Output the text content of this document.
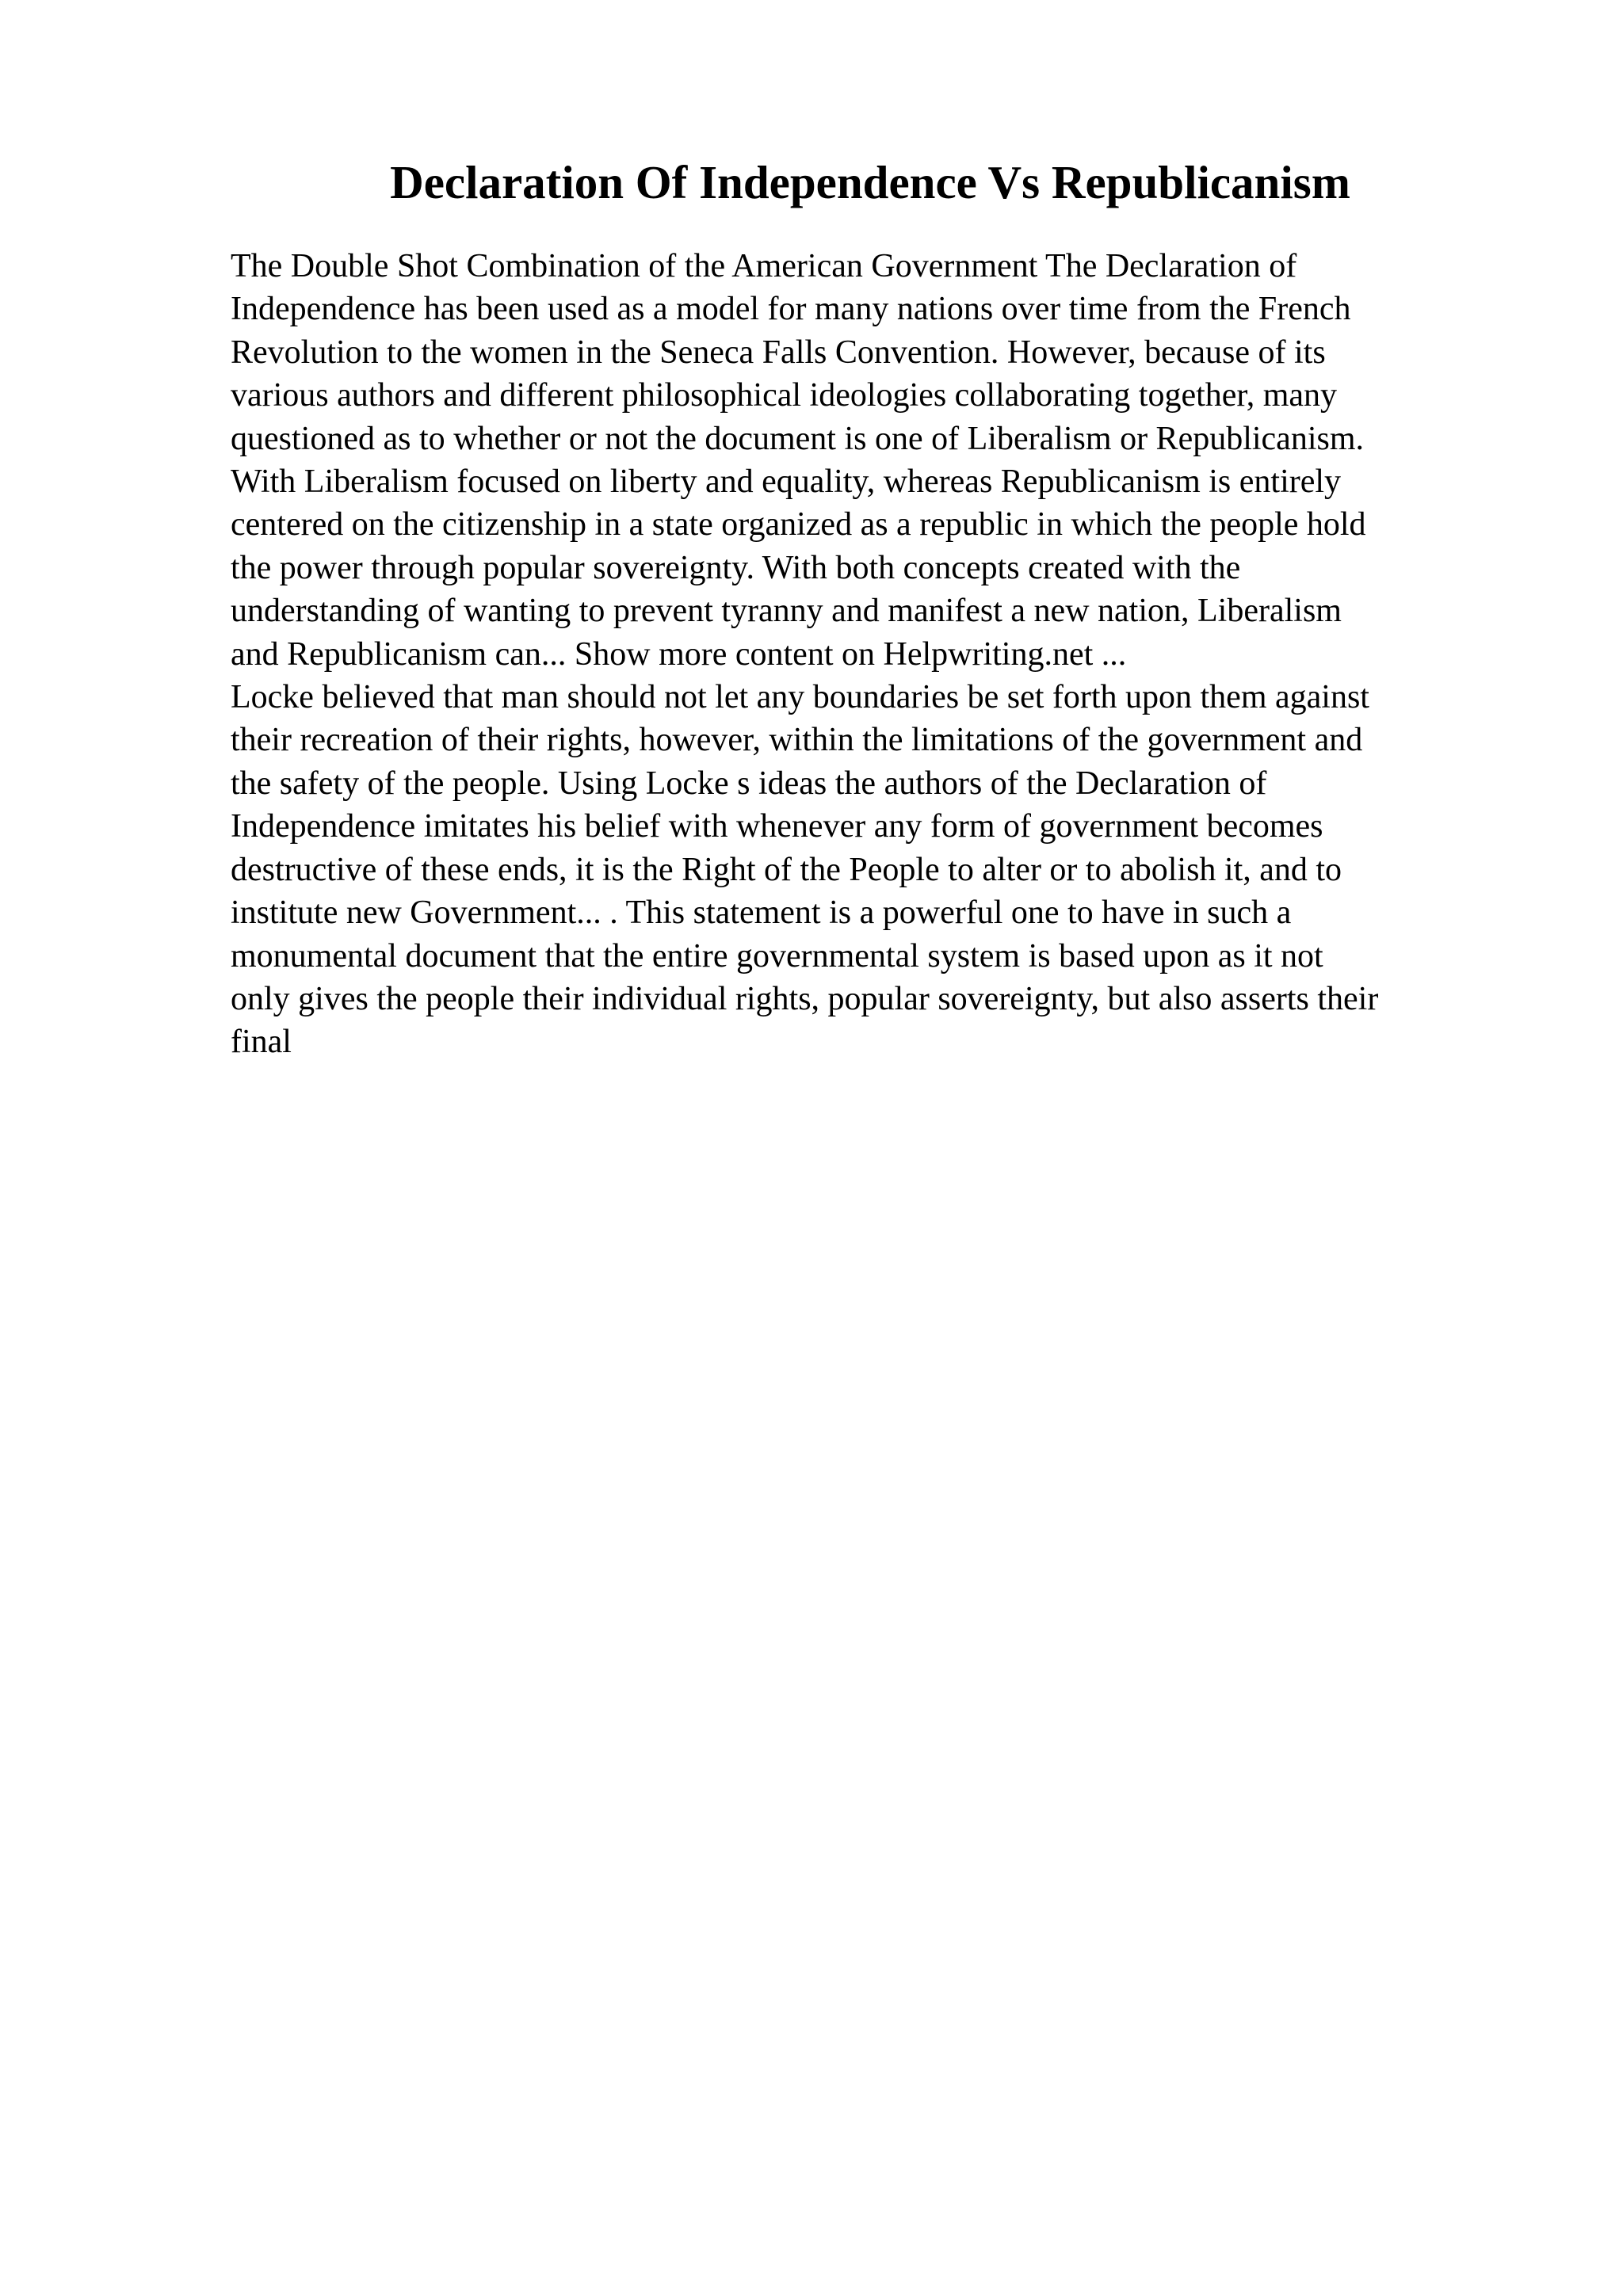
Declaration Of Independence Vs Republicanism
The Double Shot Combination of the American Government The Declaration of
Independence has been used as a model for many nations over time from the French
Revolution to the women in the Seneca Falls Convention. However, because of its
various authors and different philosophical ideologies collaborating together, many
questioned as to whether or not the document is one of Liberalism or Republicanism.
With Liberalism focused on liberty and equality, whereas Republicanism is entirely
centered on the citizenship in a state organized as a republic in which the people hold
the power through popular sovereignty. With both concepts created with the
understanding of wanting to prevent tyranny and manifest a new nation, Liberalism
and Republicanism can... Show more content on Helpwriting.net ...
Locke believed that man should not let any boundaries be set forth upon them against
their recreation of their rights, however, within the limitations of the government and
the safety of the people. Using Locke s ideas the authors of the Declaration of
Independence imitates his belief with whenever any form of government becomes
destructive of these ends, it is the Right of the People to alter or to abolish it, and to
institute new Government... . This statement is a powerful one to have in such a
monumental document that the entire governmental system is based upon as it not
only gives the people their individual rights, popular sovereignty, but also asserts their
final
